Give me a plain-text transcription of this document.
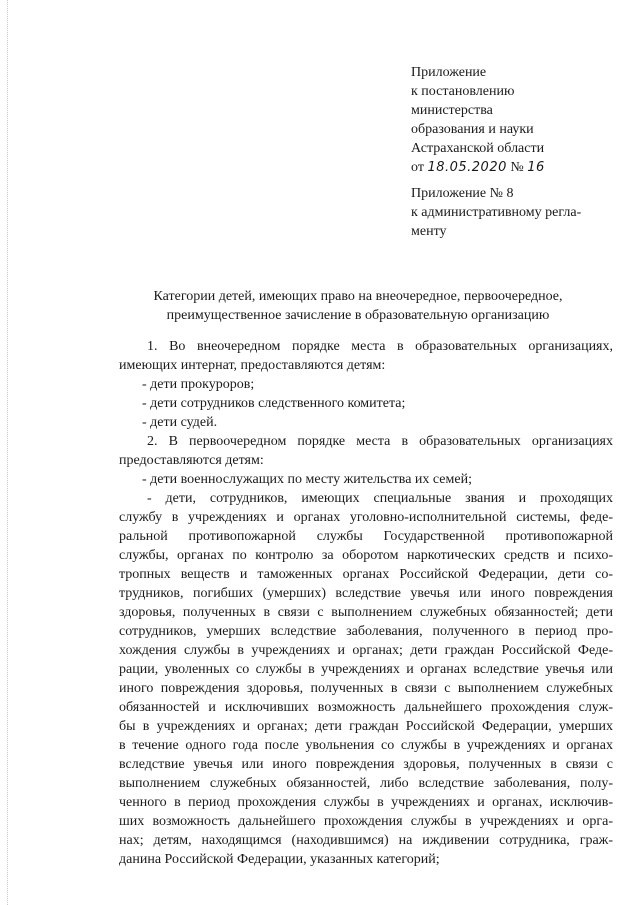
Приложение
к постановлению
министерства
образования и науки
Астраханской области
от 18.05.2020 № 16
Приложение № 8
к административному регла-
менту
Категории детей, имеющих право на внеочередное, первоочередное,
преимущественное зачисление в образовательную организацию

1. Во внеочередном порядке места в образовательных организациях,

имеющих интернат, предоставляются детям:

- дети прокуроров;

- дети сотрудников следственного комитета;

- дети судей.

2. В первоочередном порядке места в образовательных организациях

предоставляются детям:

- дети военнослужащих по месту жительства их семей;

- дети, сотрудников, имеющих специальные звания и проходящих

службу в учреждениях и органах уголовно-исполнительной системы, феде-

ральной противопожарной службы Государственной противопожарной

службы, органах по контролю за оборотом наркотических средств и психо-

тропных веществ и таможенных органах Российской Федерации, дети со-

трудников, погибших (умерших) вследствие увечья или иного повреждения

здоровья, полученных в связи с выполнением служебных обязанностей; дети

сотрудников, умерших вследствие заболевания, полученного в период про-

хождения службы в учреждениях и органах; дети граждан Российской Феде-

рации, уволенных со службы в учреждениях и органах вследствие увечья или

иного повреждения здоровья, полученных в связи с выполнением служебных

обязанностей и исключивших возможность дальнейшего прохождения служ-

бы в учреждениях и органах; дети граждан Российской Федерации, умерших

в течение одного года после увольнения со службы в учреждениях и органах

вследствие увечья или иного повреждения здоровья, полученных в связи с

выполнением служебных обязанностей, либо вследствие заболевания, полу-

ченного в период прохождения службы в учреждениях и органах, исключив-

ших возможность дальнейшего прохождения службы в учреждениях и орга-

нах; детям, находящимся (находившимся) на иждивении сотрудника, граж-

данина Российской Федерации, указанных категорий;
